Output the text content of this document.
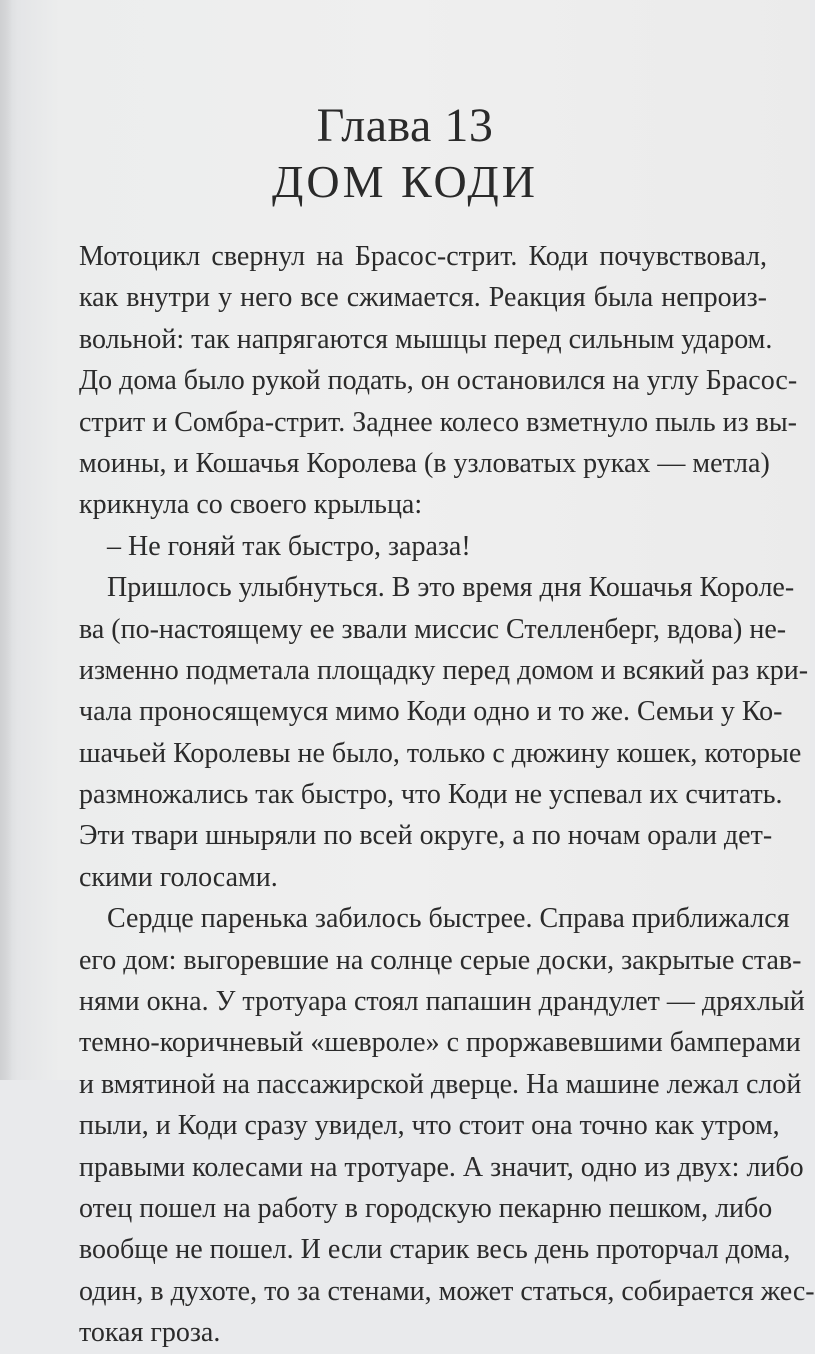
Глава 13
ДОМ КОДИ
Мотоцикл свернул на Брасос-стрит. Коди почувствовал,
как внутри у него все сжимается. Реакция была непроиз-
вольной: так напрягаются мышцы перед сильным ударом.
До дома было рукой подать, он остановился на углу Брасос-
стрит и Сомбра-стрит. Заднее колесо взметнуло пыль из вы-
моины, и Кошачья Королева (в узловатых руках — метла)
крикнула со своего крыльца:
– Не гоняй так быстро, зараза!
Пришлось улыбнуться. В это время дня Кошачья Короле-
ва (по-настоящему ее звали миссис Стелленберг, вдова) не-
изменно подметала площадку перед домом и всякий раз кри-
чала проносящемуся мимо Коди одно и то же. Семьи у Ко-
шачьей Королевы не было, только с дюжину кошек, которые
размножались так быстро, что Коди не успевал их считать.
Эти твари шныряли по всей округе, а по ночам орали дет-
скими голосами.
Сердце паренька забилось быстрее. Справа приближался
его дом: выгоревшие на солнце серые доски, закрытые став-
нями окна. У тротуара стоял папашин драндулет — дряхлый
темно-коричневый «шевроле» с проржавевшими бамперами
и вмятиной на пассажирской дверце. На машине лежал слой
пыли, и Коди сразу увидел, что стоит она точно как утром,
правыми колесами на тротуаре. А значит, одно из двух: либо
отец пошел на работу в городскую пекарню пешком, либо
вообще не пошел. И если старик весь день проторчал дома,
один, в духоте, то за стенами, может статься, собирается жес-
токая гроза.
